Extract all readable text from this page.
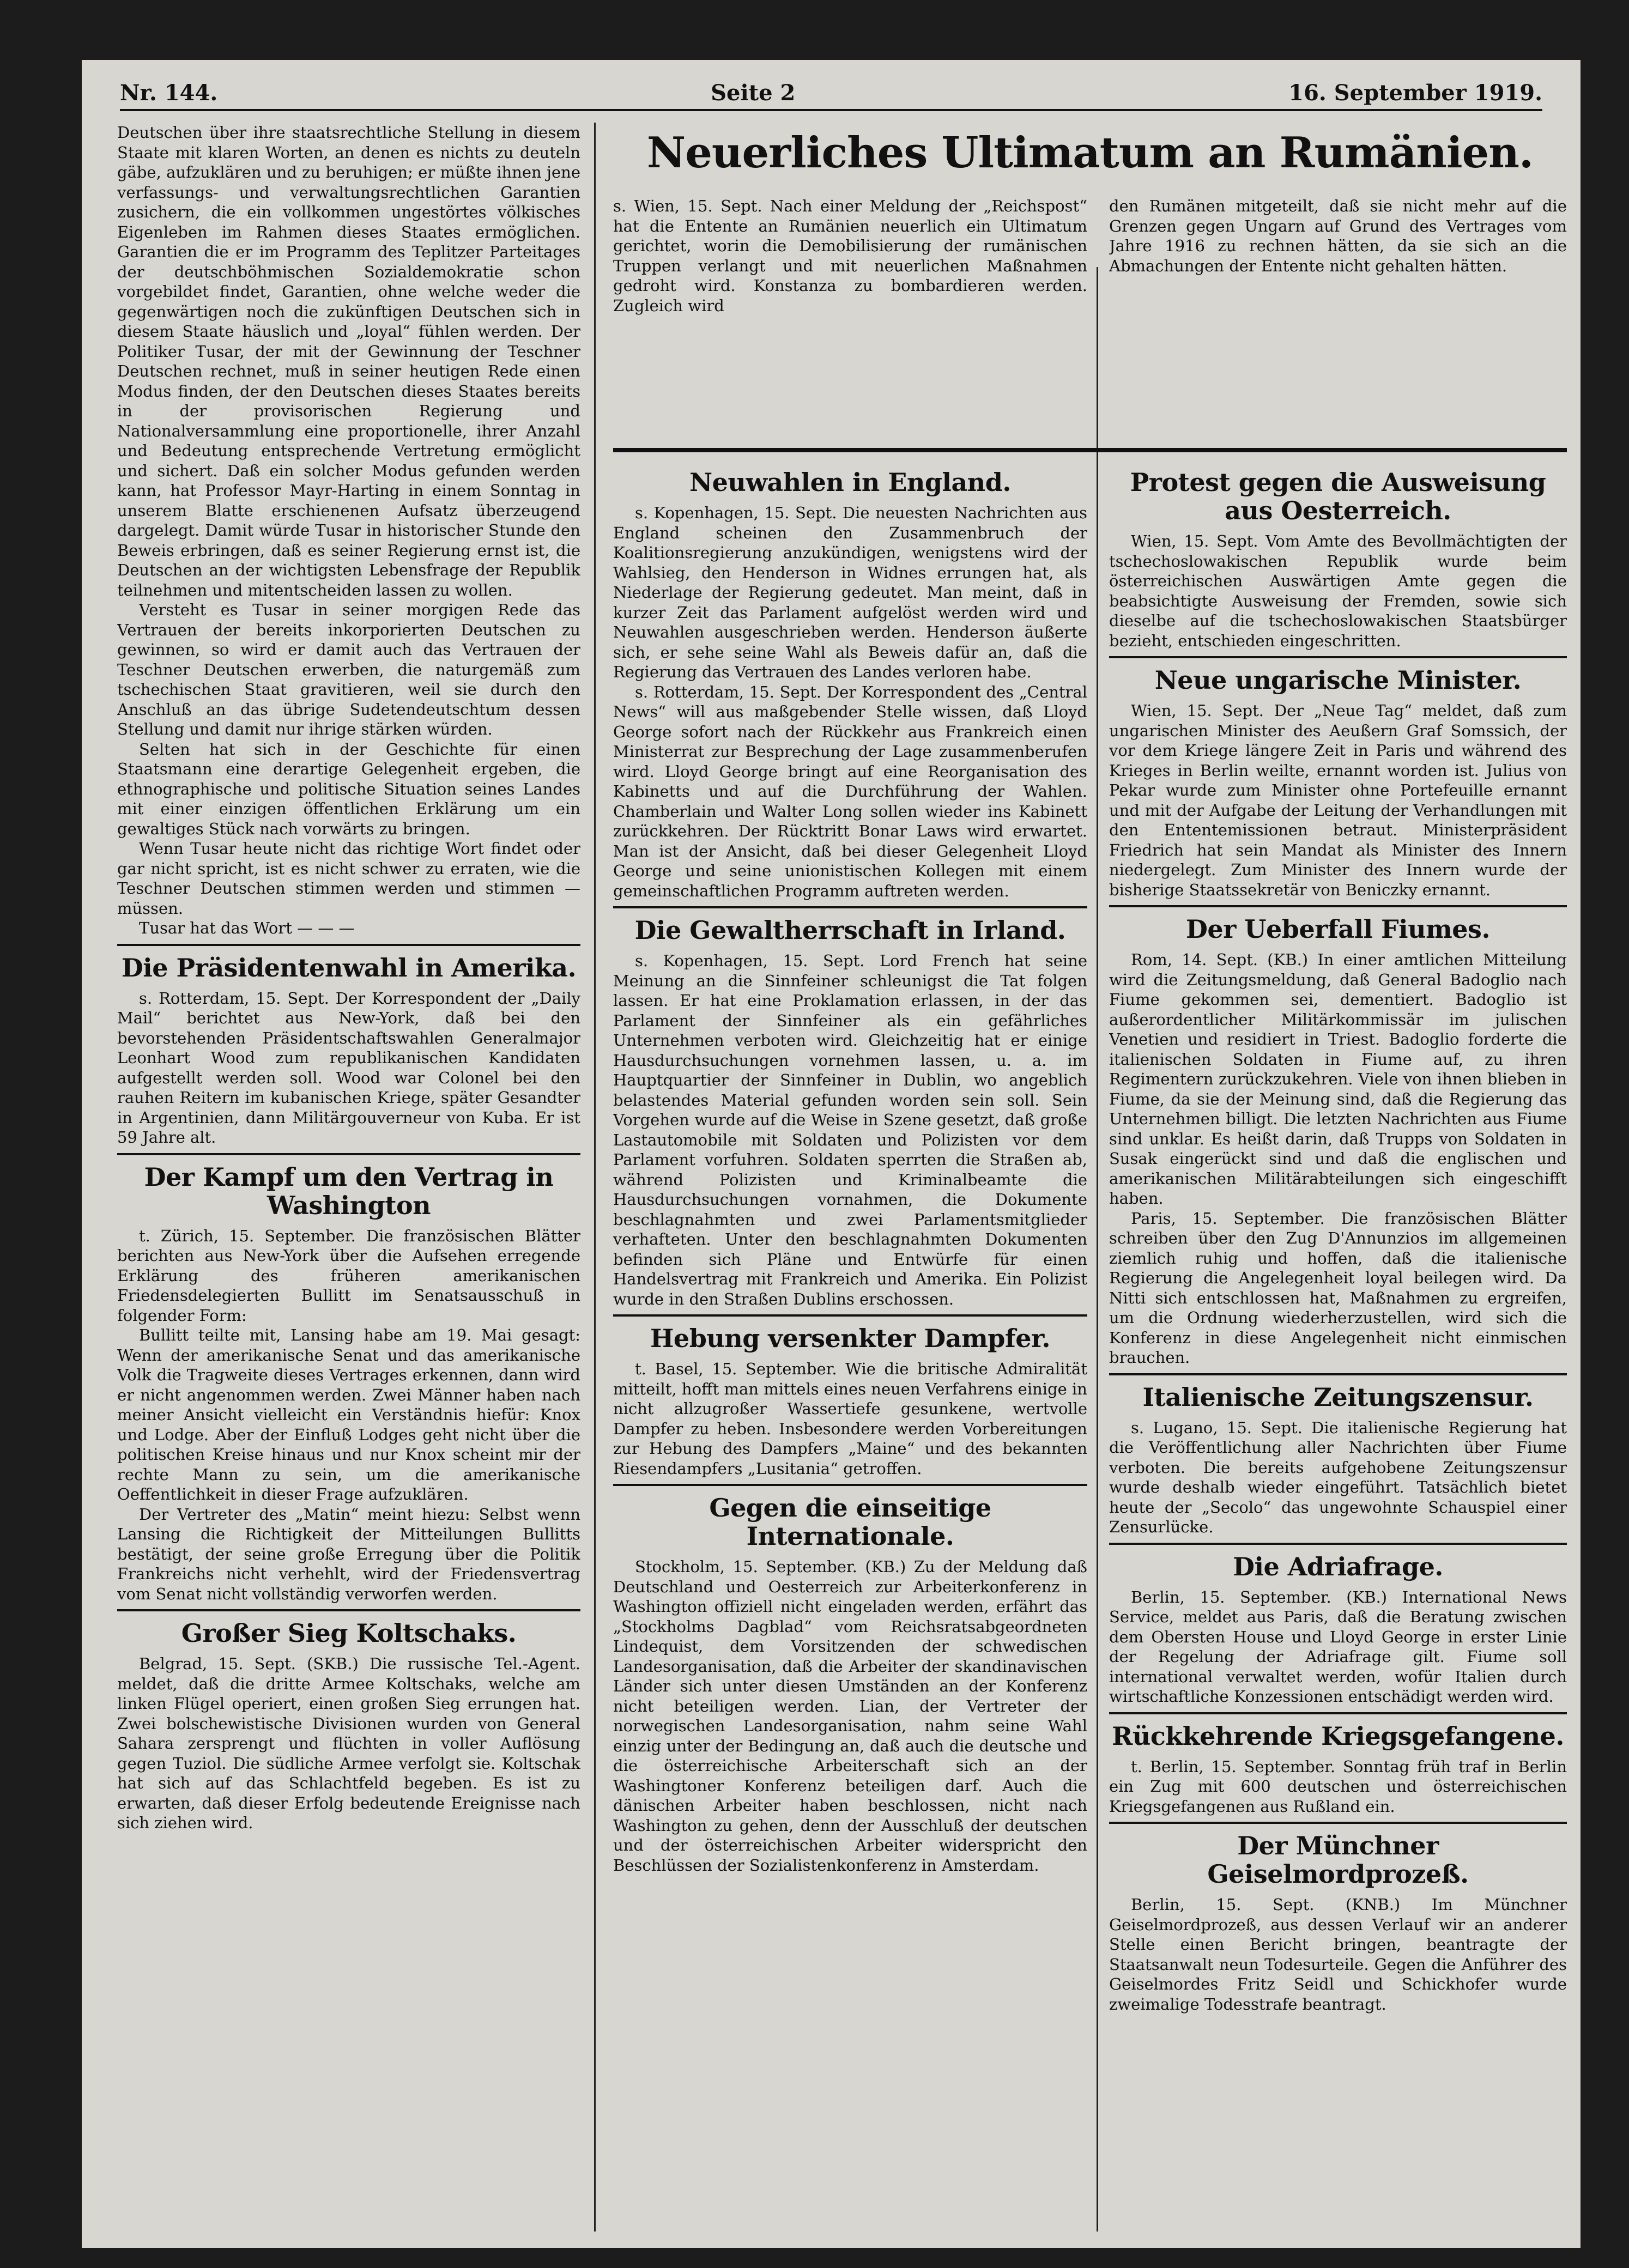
Nr. 144.	Seite 2	16. September 1919.
Neuerliches Ultimatum an Rumänien.
s. Wien, 15. Sept. Nach einer Meldung der „Reichspost“ hat die Entente an Rumänien neuerlich ein Ultimatum gerichtet, worin die Demobilisierung der rumänischen Truppen verlangt und mit neuerlichen Maßnahmen gedroht wird. Konstanza zu bombardieren werden. Zugleich wird
den Rumänen mitgeteilt, daß sie nicht mehr auf die Grenzen gegen Ungarn auf Grund des Vertrages vom Jahre 1916 zu rechnen hätten, da sie sich an die Abmachungen der Entente nicht gehalten hätten.

Deutschen über ihre staatsrechtliche Stellung in diesem Staate mit klaren Worten, an denen es nichts zu deuteln gäbe, aufzuklären und zu beruhigen; er müßte ihnen jene verfassungs- und verwaltungsrechtlichen Garantien zusichern, die ein vollkommen ungestörtes völkisches Eigenleben im Rahmen dieses Staates ermöglichen. Garantien die er im Programm des Teplitzer Parteitages der deutschböhmischen Sozialdemokratie schon vorgebildet findet, Garantien, ohne welche weder die gegenwärtigen noch die zukünftigen Deutschen sich in diesem Staate häuslich und „loyal“ fühlen werden. Der Politiker Tusar, der mit der Gewinnung der Teschner Deutschen rechnet, muß in seiner heutigen Rede einen Modus finden, der den Deutschen dieses Staates bereits in der provisorischen Regierung und Nationalversammlung eine proportionelle, ihrer Anzahl und Bedeutung entsprechende Vertretung ermöglicht und sichert. Daß ein solcher Modus gefunden werden kann, hat Professor Mayr-Harting in einem Sonntag in unserem Blatte erschienenen Aufsatz überzeugend dargelegt. Damit würde Tusar in historischer Stunde den Beweis erbringen, daß es seiner Regierung ernst ist, die Deutschen an der wichtigsten Lebensfrage der Republik teilnehmen und mitentscheiden lassen zu wollen.

Versteht es Tusar in seiner morgigen Rede das Vertrauen der bereits inkorporierten Deutschen zu gewinnen, so wird er damit auch das Vertrauen der Teschner Deutschen erwerben, die naturgemäß zum tschechischen Staat gravitieren, weil sie durch den Anschluß an das übrige Sudetendeutschtum dessen Stellung und damit nur ihrige stärken würden.

Selten hat sich in der Geschichte für einen Staatsmann eine derartige Gelegenheit ergeben, die ethnographische und politische Situation seines Landes mit einer einzigen öffentlichen Erklärung um ein gewaltiges Stück nach vorwärts zu bringen.

Wenn Tusar heute nicht das richtige Wort findet oder gar nicht spricht, ist es nicht schwer zu erraten, wie die Teschner Deutschen stimmen werden und stimmen — müssen.

Tusar hat das Wort — — —

Die Präsidentenwahl in Amerika.

s. Rotterdam, 15. Sept. Der Korrespondent der „Daily Mail“ berichtet aus New-York, daß bei den bevorstehenden Präsidentschaftswahlen Generalmajor Leonhart Wood zum republikanischen Kandidaten aufgestellt werden soll. Wood war Colonel bei den rauhen Reitern im kubanischen Kriege, später Gesandter in Argentinien, dann Militärgouverneur von Kuba. Er ist 59 Jahre alt.

Der Kampf um den Vertrag in Washington

t. Zürich, 15. September. Die französischen Blätter berichten aus New-York über die Aufsehen erregende Erklärung des früheren amerikanischen Friedensdelegierten Bullitt im Senatsausschuß in folgender Form:

Bullitt teilte mit, Lansing habe am 19. Mai gesagt: Wenn der amerikanische Senat und das amerikanische Volk die Tragweite dieses Vertrages erkennen, dann wird er nicht angenommen werden. Zwei Männer haben nach meiner Ansicht vielleicht ein Verständnis hiefür: Knox und Lodge. Aber der Einfluß Lodges geht nicht über die politischen Kreise hinaus und nur Knox scheint mir der rechte Mann zu sein, um die amerikanische Oeffentlichkeit in dieser Frage aufzuklären.

Der Vertreter des „Matin“ meint hiezu: Selbst wenn Lansing die Richtigkeit der Mitteilungen Bullitts bestätigt, der seine große Erregung über die Politik Frankreichs nicht verhehlt, wird der Friedensvertrag vom Senat nicht vollständig verworfen werden.

Großer Sieg Koltschaks.

Belgrad, 15. Sept. (SKB.) Die russische Tel.-Agent. meldet, daß die dritte Armee Koltschaks, welche am linken Flügel operiert, einen großen Sieg errungen hat. Zwei bolschewistische Divisionen wurden von General Sahara zersprengt und flüchten in voller Auflösung gegen Tuziol. Die südliche Armee verfolgt sie. Koltschak hat sich auf das Schlachtfeld begeben. Es ist zu erwarten, daß dieser Erfolg bedeutende Ereignisse nach sich ziehen wird.

Neuwahlen in England.

s. Kopenhagen, 15. Sept. Die neuesten Nachrichten aus England scheinen den Zusammenbruch der Koalitionsregierung anzukündigen, wenigstens wird der Wahlsieg, den Henderson in Widnes errungen hat, als Niederlage der Regierung gedeutet. Man meint, daß in kurzer Zeit das Parlament aufgelöst werden wird und Neuwahlen ausgeschrieben werden. Henderson äußerte sich, er sehe seine Wahl als Beweis dafür an, daß die Regierung das Vertrauen des Landes verloren habe.

s. Rotterdam, 15. Sept. Der Korrespondent des „Central News“ will aus maßgebender Stelle wissen, daß Lloyd George sofort nach der Rückkehr aus Frankreich einen Ministerrat zur Besprechung der Lage zusammenberufen wird. Lloyd George bringt auf eine Reorganisation des Kabinetts und auf die Durchführung der Wahlen. Chamberlain und Walter Long sollen wieder ins Kabinett zurückkehren. Der Rücktritt Bonar Laws wird erwartet. Man ist der Ansicht, daß bei dieser Gelegenheit Lloyd George und seine unionistischen Kollegen mit einem gemeinschaftlichen Programm auftreten werden.

Die Gewaltherrschaft in Irland.

s. Kopenhagen, 15. Sept. Lord French hat seine Meinung an die Sinnfeiner schleunigst die Tat folgen lassen. Er hat eine Proklamation erlassen, in der das Parlament der Sinnfeiner als ein gefährliches Unternehmen verboten wird. Gleichzeitig hat er einige Hausdurchsuchungen vornehmen lassen, u. a. im Hauptquartier der Sinnfeiner in Dublin, wo angeblich belastendes Material gefunden worden sein soll. Sein Vorgehen wurde auf die Weise in Szene gesetzt, daß große Lastautomobile mit Soldaten und Polizisten vor dem Parlament vorfuhren. Soldaten sperrten die Straßen ab, während Polizisten und Kriminalbeamte die Hausdurchsuchungen vornahmen, die Dokumente beschlagnahmten und zwei Parlamentsmitglieder verhafteten. Unter den beschlagnahmten Dokumenten befinden sich Pläne und Entwürfe für einen Handelsvertrag mit Frankreich und Amerika. Ein Polizist wurde in den Straßen Dublins erschossen.

Hebung versenkter Dampfer.

t. Basel, 15. September. Wie die britische Admiralität mitteilt, hofft man mittels eines neuen Verfahrens einige in nicht allzugroßer Wassertiefe gesunkene, wertvolle Dampfer zu heben. Insbesondere werden Vorbereitungen zur Hebung des Dampfers „Maine“ und des bekannten Riesendampfers „Lusitania“ getroffen.

Gegen die einseitige Internationale.

Stockholm, 15. September. (KB.) Zu der Meldung daß Deutschland und Oesterreich zur Arbeiterkonferenz in Washington offiziell nicht eingeladen werden, erfährt das „Stockholms Dagblad“ vom Reichsratsabgeordneten Lindequist, dem Vorsitzenden der schwedischen Landesorganisation, daß die Arbeiter der skandinavischen Länder sich unter diesen Umständen an der Konferenz nicht beteiligen werden. Lian, der Vertreter der norwegischen Landesorganisation, nahm seine Wahl einzig unter der Bedingung an, daß auch die deutsche und die österreichische Arbeiterschaft sich an der Washingtoner Konferenz beteiligen darf. Auch die dänischen Arbeiter haben beschlossen, nicht nach Washington zu gehen, denn der Ausschluß der deutschen und der österreichischen Arbeiter widerspricht den Beschlüssen der Sozialistenkonferenz in Amsterdam.

Protest gegen die Ausweisung aus Oesterreich.

Wien, 15. Sept. Vom Amte des Bevollmächtigten der tschechoslowakischen Republik wurde beim österreichischen Auswärtigen Amte gegen die beabsichtigte Ausweisung der Fremden, sowie sich dieselbe auf die tschechoslowakischen Staatsbürger bezieht, entschieden eingeschritten.

Neue ungarische Minister.

Wien, 15. Sept. Der „Neue Tag“ meldet, daß zum ungarischen Minister des Aeußern Graf Somssich, der vor dem Kriege längere Zeit in Paris und während des Krieges in Berlin weilte, ernannt worden ist. Julius von Pekar wurde zum Minister ohne Portefeuille ernannt und mit der Aufgabe der Leitung der Verhandlungen mit den Ententemissionen betraut. Ministerpräsident Friedrich hat sein Mandat als Minister des Innern niedergelegt. Zum Minister des Innern wurde der bisherige Staatssekretär von Beniczky ernannt.

Der Ueberfall Fiumes.

Rom, 14. Sept. (KB.) In einer amtlichen Mitteilung wird die Zeitungsmeldung, daß General Badoglio nach Fiume gekommen sei, dementiert. Badoglio ist außerordentlicher Militärkommissär im julischen Venetien und residiert in Triest. Badoglio forderte die italienischen Soldaten in Fiume auf, zu ihren Regimentern zurückzukehren. Viele von ihnen blieben in Fiume, da sie der Meinung sind, daß die Regierung das Unternehmen billigt. Die letzten Nachrichten aus Fiume sind unklar. Es heißt darin, daß Trupps von Soldaten in Susak eingerückt sind und daß die englischen und amerikanischen Militärabteilungen sich eingeschifft haben.

Paris, 15. September. Die französischen Blätter schreiben über den Zug D'Annunzios im allgemeinen ziemlich ruhig und hoffen, daß die italienische Regierung die Angelegenheit loyal beilegen wird. Da Nitti sich entschlossen hat, Maßnahmen zu ergreifen, um die Ordnung wiederherzustellen, wird sich die Konferenz in diese Angelegenheit nicht einmischen brauchen.

Italienische Zeitungszensur.

s. Lugano, 15. Sept. Die italienische Regierung hat die Veröffentlichung aller Nachrichten über Fiume verboten. Die bereits aufgehobene Zeitungszensur wurde deshalb wieder eingeführt. Tatsächlich bietet heute der „Secolo“ das ungewohnte Schauspiel einer Zensurlücke.

Die Adriafrage.

Berlin, 15. September. (KB.) International News Service, meldet aus Paris, daß die Beratung zwischen dem Obersten House und Lloyd George in erster Linie der Regelung der Adriafrage gilt. Fiume soll international verwaltet werden, wofür Italien durch wirtschaftliche Konzessionen entschädigt werden wird.

Rückkehrende Kriegsgefangene.

t. Berlin, 15. September. Sonntag früh traf in Berlin ein Zug mit 600 deutschen und österreichischen Kriegsgefangenen aus Rußland ein.

Der Münchner Geiselmordprozeß.

Berlin, 15. Sept. (KNB.) Im Münchner Geiselmordprozeß, aus dessen Verlauf wir an anderer Stelle einen Bericht bringen, beantragte der Staatsanwalt neun Todesurteile. Gegen die Anführer des Geiselmordes Fritz Seidl und Schickhofer wurde zweimalige Todesstrafe beantragt.
